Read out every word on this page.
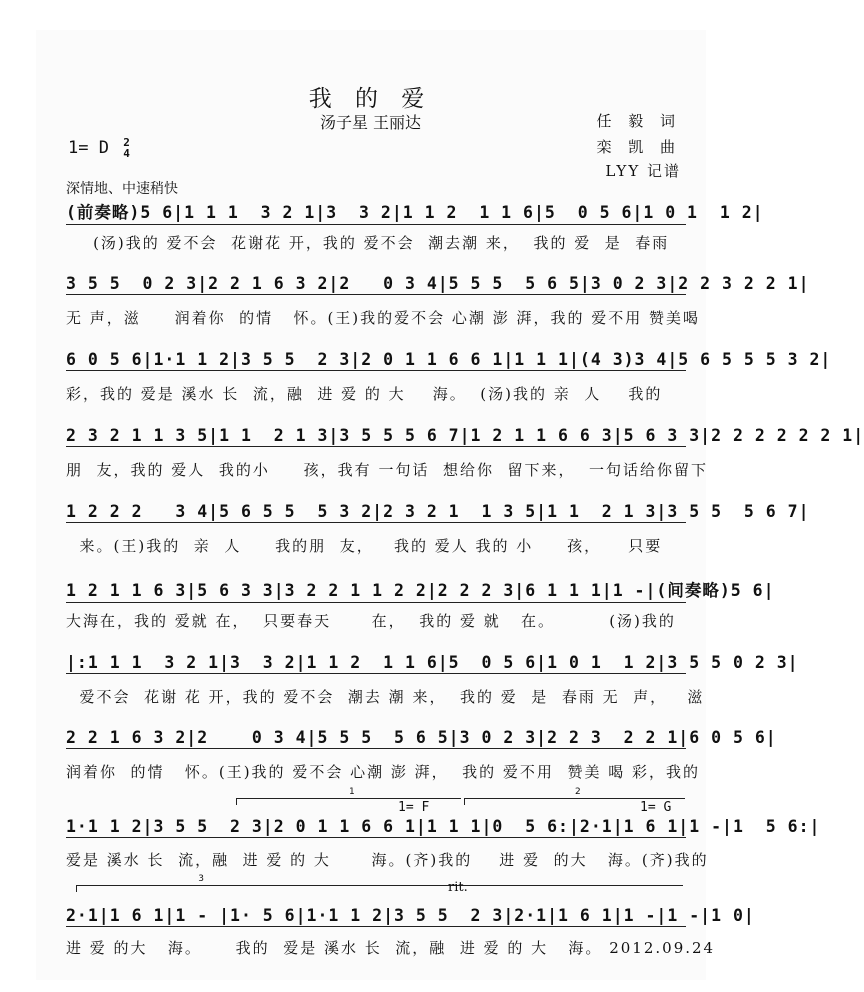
我 的 爱
汤子星 王丽达	任 毅 词
栾 凯 曲
LYY 记谱
1= D 2
4
深情地、中速稍快
(前奏略)5 6|1 1 1  3 2 1|3  3 2|1 1 2  1 1 6|5  0 5 6|1 0 1  1 2|
(汤)我的 爱不会  花谢花 开，我的 爱不会  潮去潮 来，  我的 爱  是  春雨
3 5 5  0 2 3|2 2 1 6 3 2|2   0 3 4|5 5 5  5 6 5|3 0 2 3|2 2 3 2 2 1|
无 声，滋     润着你  的情   怀。(王)我的爱不会 心潮 澎 湃，我的 爱不用 赞美喝
6 0 5 6|1·1 1 2|3 5 5  2 3|2 0 1 1 6 6 1|1 1 1|(4 3)3 4|5 6 5 5 5 3 2|
彩，我的 爱是 溪水 长  流，融  进 爱 的 大    海。  (汤)我的 亲  人    我的
2 3 2 1 1 3 5|1 1  2 1 3|3 5 5 5 6 7|1 2 1 1 6 6 3|5 6 3 3|2 2 2 2 2 2 1|
朋  友，我的 爱人  我的小     孩，我有 一句话  想给你  留下来，  一句话给你留下
1 2 2 2   3 4|5 6 5 5  5 3 2|2 3 2 1  1 3 5|1 1  2 1 3|3 5 5  5 6 7|
来。(王)我的  亲  人     我的朋  友，   我的 爱人 我的 小     孩，    只要
1 2 1 1 6 3|5 6 3 3|3 2 2 1 1 2 2|2 2 2 3|6 1 1 1|1 -|(间奏略)5 6|
大海在，我的 爱就 在，  只要春天      在，  我的 爱 就   在。        (汤)我的
|:1 1 1  3 2 1|3  3 2|1 1 2  1 1 6|5  0 5 6|1 0 1  1 2|3 5 5 0 2 3|
爱不会  花谢 花 开，我的 爱不会  潮去 潮 来，  我的 爱  是  春雨 无  声，   滋
2 2 1 6 3 2|2    0 3 4|5 5 5  5 6 5|3 0 2 3|2 2 3  2 2 1|6 0 5 6|
润着你  的情   怀。(王)我的 爱不会 心潮 澎 湃，  我的 爱不用  赞美 喝 彩，我的
1	2
1= F	1= G
1·1 1 2|3 5 5  2 3|2 0 1 1 6 6 1|1 1 1|0  5 6:|2·1|1 6 1|1 -|1  5 6:|
爱是 溪水 长  流，融  进 爱 的 大      海。(齐)我的    进 爱  的大   海。(齐)我的
3
rit.
2·1|1 6 1|1 - |1· 5 6|1·1 1 2|3 5 5  2 3|2·1|1 6 1|1 -|1 -|1 0|
进 爱 的大   海。     我的  爱是 溪水 长  流，融  进 爱 的 大   海。 2012.09.24
